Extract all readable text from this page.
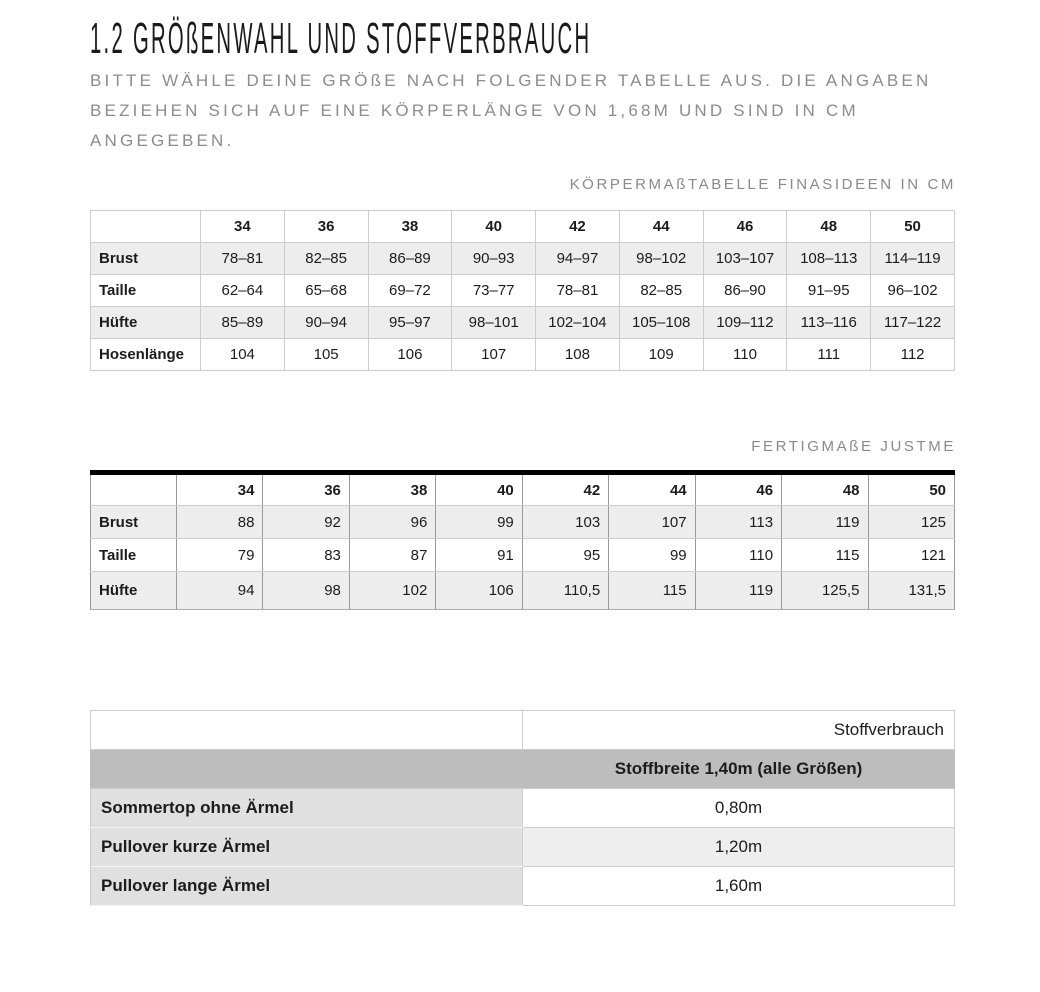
1.2 GRÖßENWAHL UND STOFFVERBRAUCH
BITTE WÄHLE DEINE GRÖßE NACH FOLGENDER TABELLE AUS. DIE ANGABEN
BEZIEHEN SICH AUF EINE KÖRPERLÄNGE VON 1,68M UND SIND IN CM
ANGEGEBEN.
KÖRPERMAßTABELLE FINASIDEEN IN CM
	34	36	38	40	42	44	46	48	50
Brust	78–81	82–85	86–89	90–93	94–97	98–102	103–107	108–113	114–119
Taille	62–64	65–68	69–72	73–77	78–81	82–85	86–90	91–95	96–102
Hüfte	85–89	90–94	95–97	98–101	102–104	105–108	109–112	113–116	117–122
Hosenlänge	104	105	106	107	108	109	110	111	112
FERTIGMAßE JUSTME
	34	36	38	40	42	44	46	48	50
Brust	88	92	96	99	103	107	113	119	125
Taille	79	83	87	91	95	99	110	115	121
Hüfte	94	98	102	106	110,5	115	119	125,5	131,5
	Stoffverbrauch
	Stoffbreite 1,40m (alle Größen)
Sommertop ohne Ärmel	0,80m
Pullover kurze Ärmel	1,20m
Pullover lange Ärmel	1,60m
